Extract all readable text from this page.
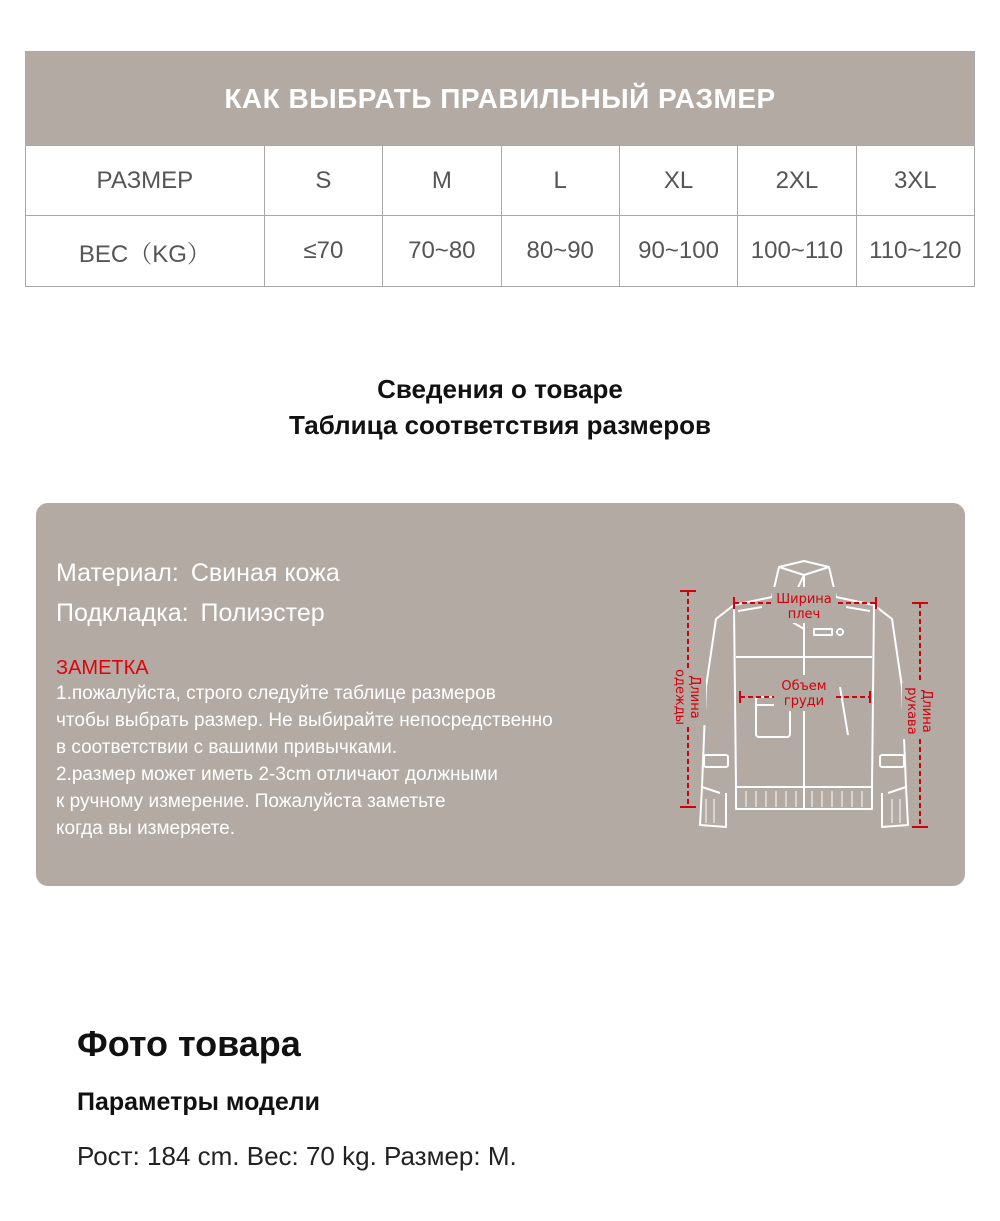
КАК ВЫБРАТЬ ПРАВИЛЬНЫЙ РАЗМЕР
РАЗМЕР	S	M	L	XL	2XL	3XL
ВЕС（KG）	≤70	70~80	80~90	90~100	100~110	110~120
Сведения о товаре
Таблица соответствия размеров
Материал: Свиная кожа
Подкладка: Полиэстер
ЗАМЕТКА
1.пожалуйста, строго следуйте таблице размеров
чтобы выбрать размер. Не выбирайте непосредственно
в соответствии с вашими привычками.
2.размер может иметь 2-3cm отличают должными
к ручному измерение. Пожалуйста заметьте
когда вы измеряете.
Ширина
плеч
Объем
груди
Длина
одежды	Длина
рукава
Фото товара
Параметры модели
Рост: 184 cm. Вес: 70 kg. Размер: M.
